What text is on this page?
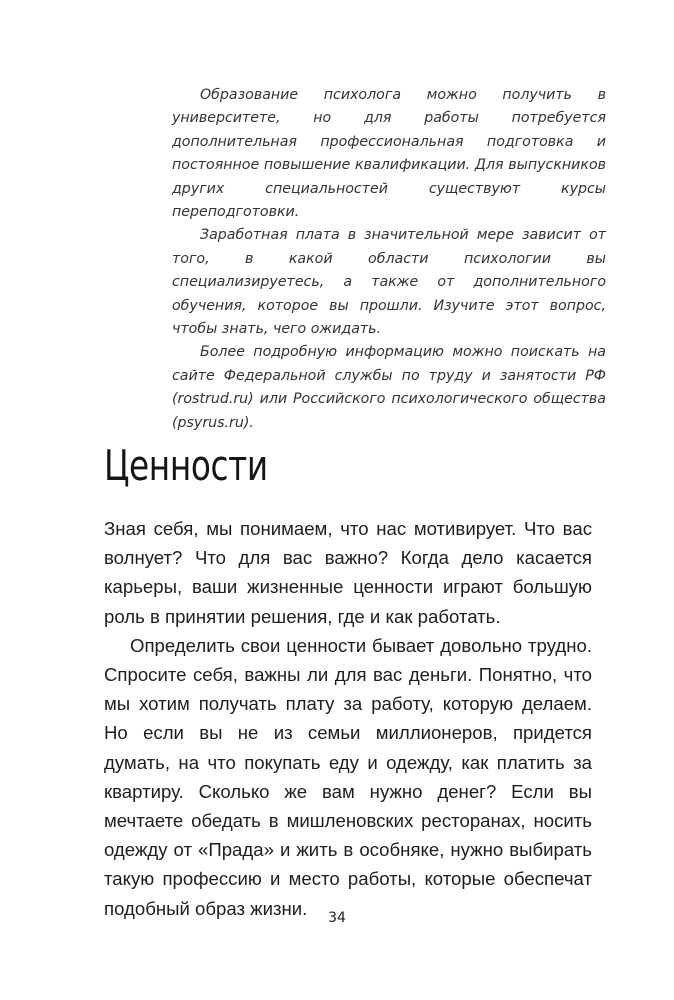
Образование психолога можно получить в университете, но для работы потребуется дополнительная профессиональная подготовка и постоянное повышение квалификации. Для выпускников других специальностей существуют курсы переподготовки.

Заработная плата в значительной мере зависит от того, в какой области психологии вы специализируетесь, а также от дополнительного обучения, которое вы прошли. Изучите этот вопрос, чтобы знать, чего ожидать.

Более подробную информацию можно поискать на сайте Федеральной службы по труду и занятости РФ (rostrud.ru) или Российского психологического общества (psyrus.ru).

Ценности

Зная себя, мы понимаем, что нас мотивирует. Что вас волнует? Что для вас важно? Когда дело касается карьеры, ваши жизненные ценности играют большую роль в принятии решения, где и как работать.

Определить свои ценности бывает довольно трудно. Спросите себя, важны ли для вас деньги. Понятно, что мы хотим получать плату за работу, которую делаем. Но если вы не из семьи миллионеров, придется думать, на что покупать еду и одежду, как платить за квартиру. Сколько же вам нужно денег? Если вы мечтаете обедать в мишленовских ресторанах, носить одежду от «Прада» и жить в особняке, нужно выбирать такую профессию и место работы, которые обеспечат подобный образ жизни.	34
